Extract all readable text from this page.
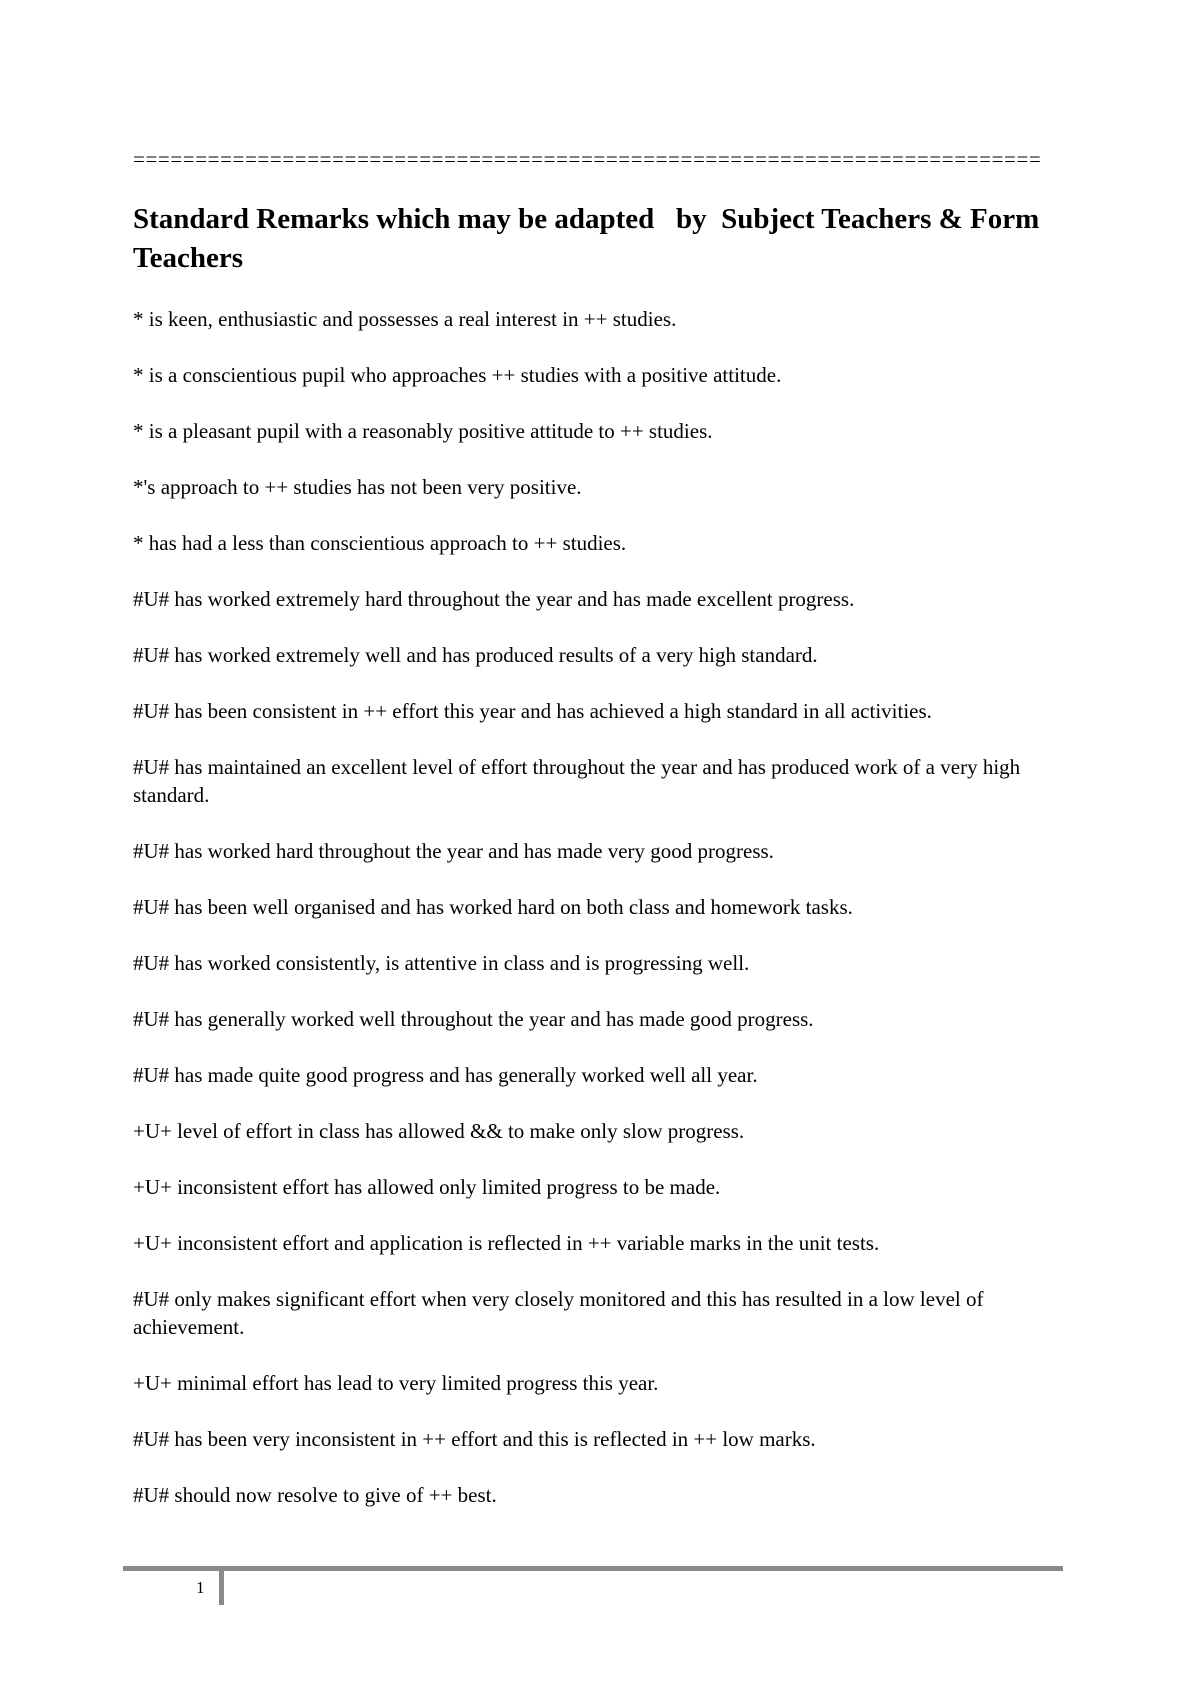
=========================================================================
Standard Remarks which may be adapted   by  Subject Teachers & Form Teachers
* is keen, enthusiastic and possesses a real interest in ++ studies.
* is a conscientious pupil who approaches ++ studies with a positive attitude.
* is a pleasant pupil with a reasonably positive attitude to ++ studies.
*'s approach to ++ studies has not been very positive.
* has had a less than conscientious approach to ++ studies.
#U# has worked extremely hard throughout the year and has made excellent progress.
#U# has worked extremely well and has produced results of a very high standard.
#U# has been consistent in ++ effort this year and has achieved a high standard in all activities.
#U# has maintained an excellent level of effort throughout the year and has produced work of a very high standard.
#U# has worked hard throughout the year and has made very good progress.
#U# has been well organised and has worked hard on both class and homework tasks.
#U# has worked consistently, is attentive in class and is progressing well.
#U# has generally worked well throughout the year and has made good progress.
#U# has made quite good progress and has generally worked well all year.
+U+ level of effort in class has allowed && to make only slow progress.
+U+ inconsistent effort has allowed only limited progress to be made.
+U+ inconsistent effort and application is reflected in ++ variable marks in the unit tests.
#U# only makes significant effort when very closely monitored and this has resulted in a low level of achievement.
+U+ minimal effort has lead to very limited progress this year.
#U# has been very inconsistent in ++ effort and this is reflected in ++ low marks.
#U# should now resolve to give of ++ best.
1
